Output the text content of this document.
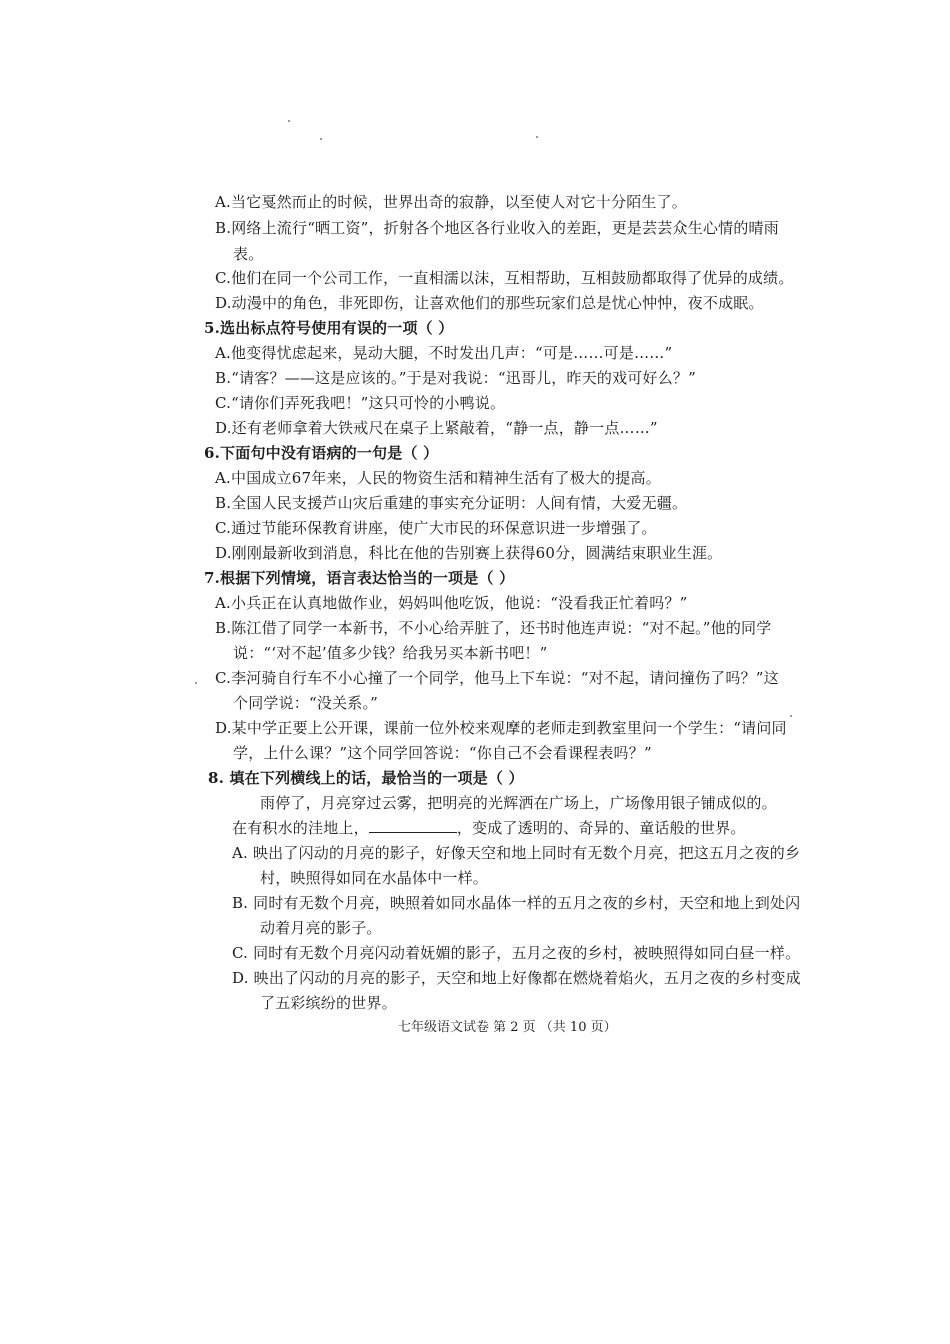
A.当它戛然而止的时候，世界出奇的寂静，以至使人对它十分陌生了。
B.网络上流行“晒工资”，折射各个地区各行业收入的差距，更是芸芸众生心情的晴雨
表。
C.他们在同一个公司工作，一直相濡以沫，互相帮助，互相鼓励都取得了优异的成绩。
D.动漫中的角色，非死即伤，让喜欢他们的那些玩家们总是忧心忡忡，夜不成眠。
5.选出标点符号使用有误的一项（ ）
A.他变得忧虑起来，晃动大腿，不时发出几声：“可是……可是……”
B.“请客？——这是应该的。”于是对我说：“迅哥儿，昨天的戏可好么？”
C.“请你们弄死我吧！”这只可怜的小鸭说。
D.还有老师拿着大铁戒尺在桌子上紧敲着，“静一点，静一点……”
6.下面句中没有语病的一句是（ ）
A.中国成立67年来，人民的物资生活和精神生活有了极大的提高。
B.全国人民支援芦山灾后重建的事实充分证明：人间有情，大爱无疆。
C.通过节能环保教育讲座，使广大市民的环保意识进一步增强了。
D.刚刚最新收到消息，科比在他的告别赛上获得60分，圆满结束职业生涯。
7.根据下列情境，语言表达恰当的一项是（ ）
A.小兵正在认真地做作业，妈妈叫他吃饭，他说：“没看我正忙着吗？”
B.陈江借了同学一本新书，不小心给弄脏了，还书时他连声说：“对不起。”他的同学
说：“‘对不起’值多少钱？给我另买本新书吧！”
C.李河骑自行车不小心撞了一个同学，他马上下车说：“对不起，请问撞伤了吗？”这
个同学说：“没关系。”
D.某中学正要上公开课，课前一位外校来观摩的老师走到教室里问一个学生：“请问同
学，上什么课？”这个同学回答说：“你自己不会看课程表吗？”
8. 填在下列横线上的话，最恰当的一项是（ ）
雨停了，月亮穿过云雾，把明亮的光辉洒在广场上，广场像用银子铺成似的。
在有积水的洼地上，	，变成了透明的、奇异的、童话般的世界。
A. 映出了闪动的月亮的影子，好像天空和地上同时有无数个月亮，把这五月之夜的乡
村，映照得如同在水晶体中一样。
B. 同时有无数个月亮，映照着如同水晶体一样的五月之夜的乡村，天空和地上到处闪
动着月亮的影子。
C. 同时有无数个月亮闪动着妩媚的影子，五月之夜的乡村，被映照得如同白昼一样。
D. 映出了闪动的月亮的影子，天空和地上好像都在燃烧着焰火，五月之夜的乡村变成
了五彩缤纷的世界。
七年级语文试卷 第 2 页 （共 10 页）
